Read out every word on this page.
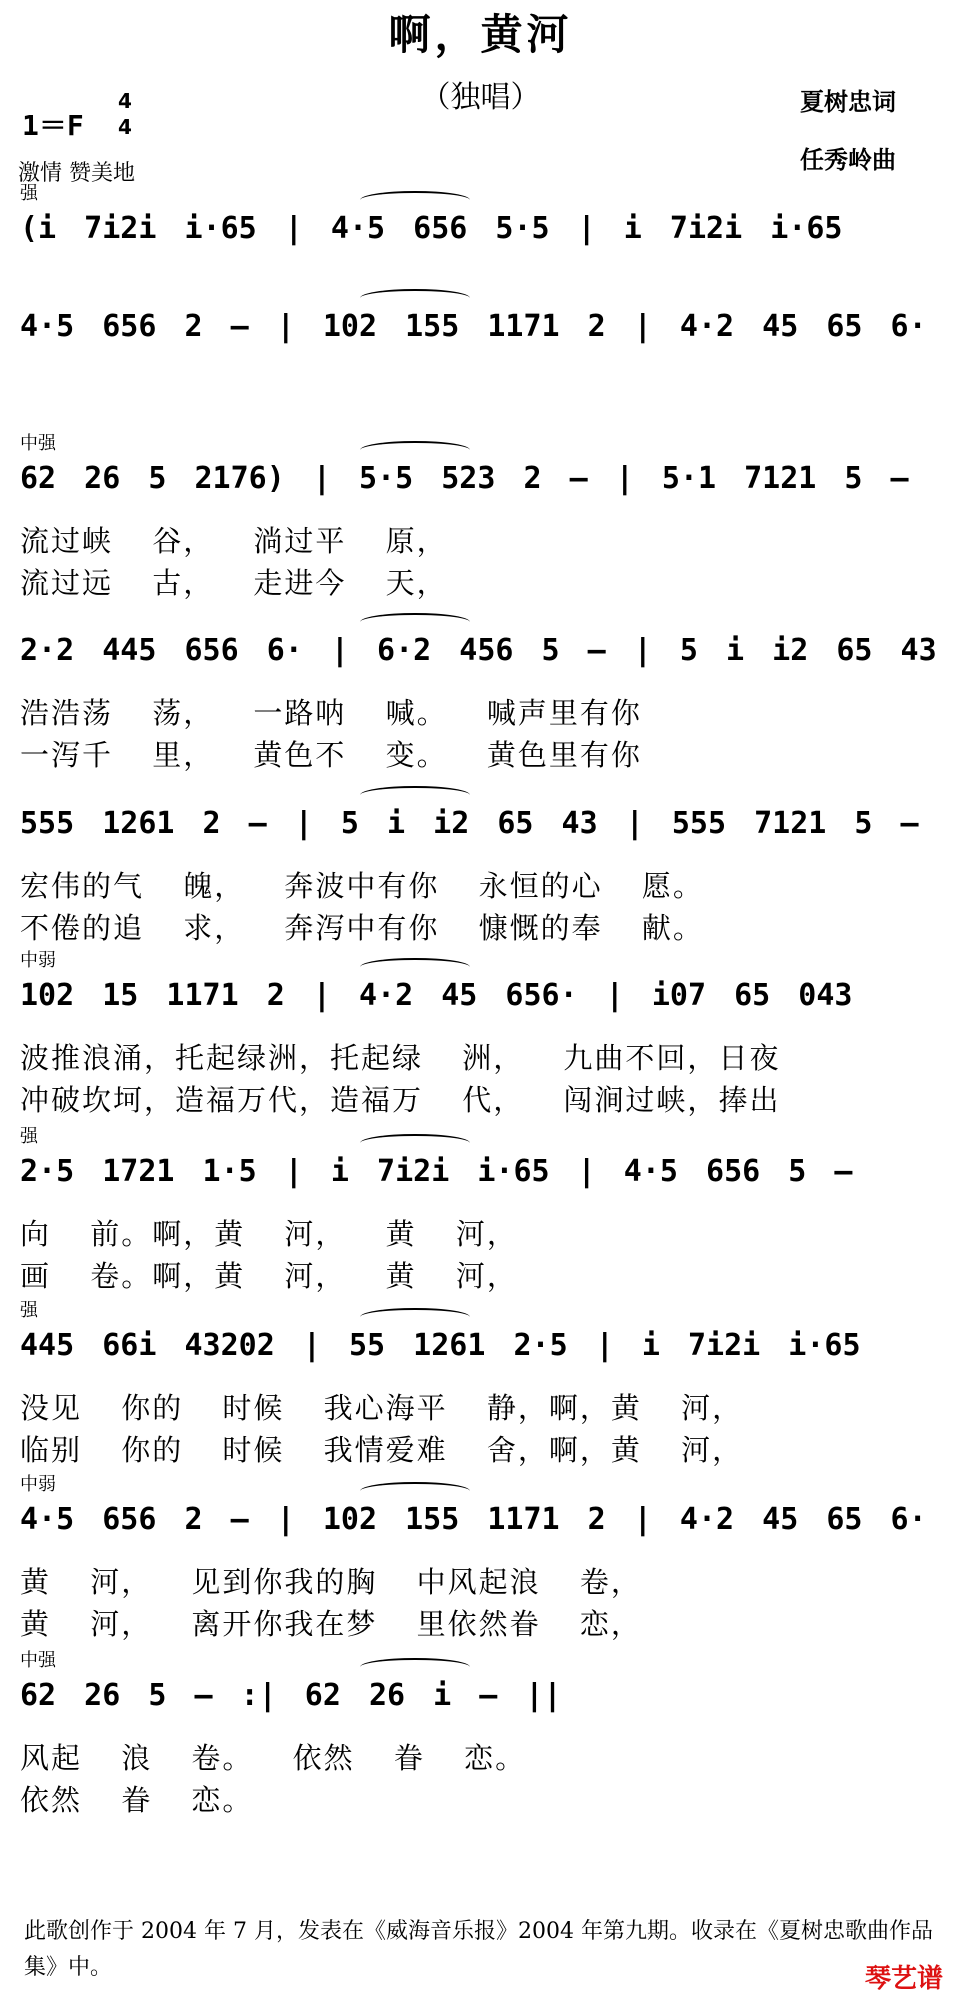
啊，黄河
（独唱）
1＝F
4
4
激情 赞美地
夏树忠词
任秀岭曲
强
(i 7i2i i·65 | 4·5 656 5·5 | i 7i2i i·65
4·5 656 2 – | 102 155 1171 2 | 4·2 45 65 6·
中强
62 26 5 2176) | 5·5 523 2 – | 5·1 7121 5 –
流过峡 谷， 淌过平 原，
流过远 古， 走进今 天，
2·2 445 656 6· | 6·2 456 5 – | 5 i i2 65 43
浩浩荡 荡， 一路呐 喊。 喊声里有你
一泻千 里， 黄色不 变。 黄色里有你
555 1261 2 – | 5 i i2 65 43 | 555 7121 5 –
宏伟的气 魄， 奔波中有你 永恒的心 愿。
不倦的追 求， 奔泻中有你 慷慨的奉 献。
中弱
102 15 1171 2 | 4·2 45 656· | i07 65 043
波推浪涌，托起绿洲，托起绿 洲， 九曲不回，日夜
冲破坎坷，造福万代，造福万 代， 闯涧过峡，捧出
强
2·5 1721 1·5 | i 7i2i i·65 | 4·5 656 5 –
向 前。啊，黄 河， 黄 河，
画 卷。啊，黄 河， 黄 河，
强
445 66i 43202 | 55 1261 2·5 | i 7i2i i·65
没见 你的 时候 我心海平 静，啊，黄 河，
临别 你的 时候 我情爱难 舍，啊，黄 河，
中弱
4·5 656 2 – | 102 155 1171 2 | 4·2 45 65 6·
黄 河， 见到你我的胸 中风起浪 卷，
黄 河， 离开你我在梦 里依然眷 恋，
中强
62 26 5 – :| 62 26 i – ||
风起 浪 卷。 依然 眷 恋。
依然 眷 恋。
此歌创作于 2004 年 7 月，发表在《威海音乐报》2004 年第九期。收录在《夏树忠歌曲作品集》中。	琴艺谱
